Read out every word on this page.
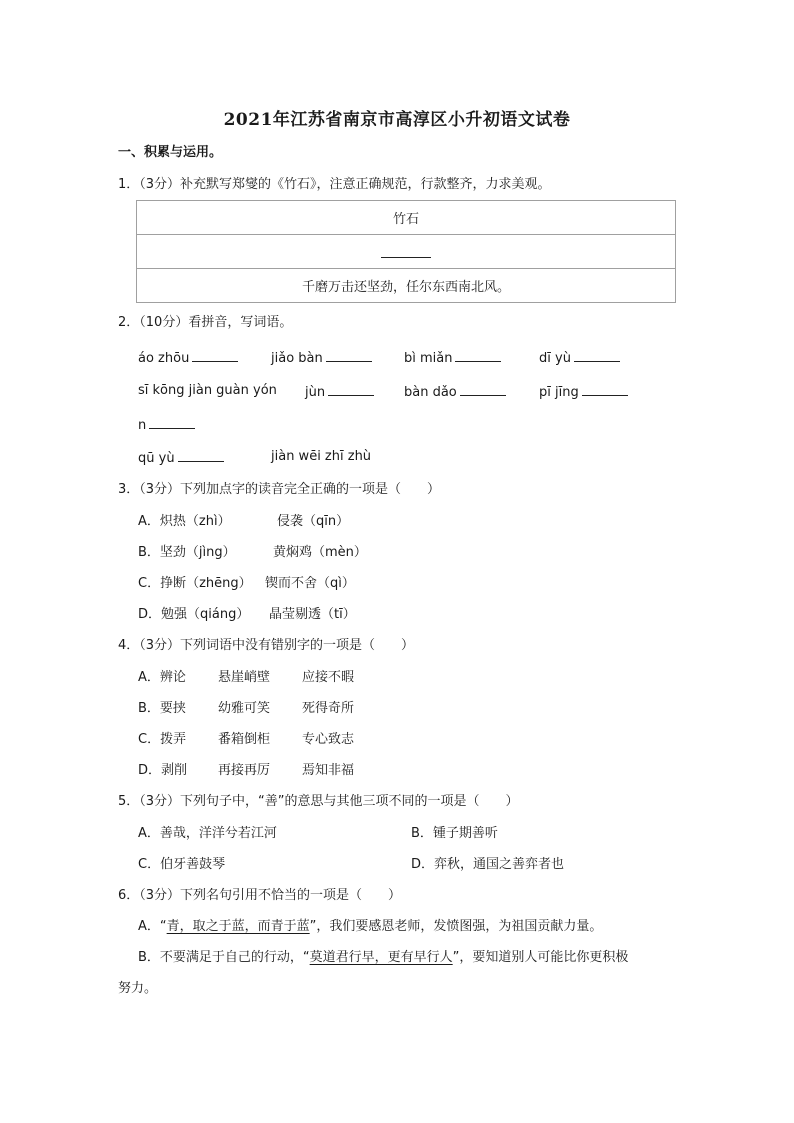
2021年江苏省南京市高淳区小升初语文试卷
一、积累与运用。
1．（3分）补充默写郑燮的《竹石》，注意正确规范，行款整齐，力求美观。
竹石

千磨万击还坚劲，任尔东西南北风。
2．（10分）看拼音，写词语。
áo zhōu	jiǎo bàn	bì miǎn	dī yù
sī kōng jiàn guàn yón jùn	bàn dǎo	pī jīng
n
qū yù	jiàn wēi zhī zhù
3．（3分）下列加点字的读音完全正确的一项是（　　）
A．炽热（zhì）	侵袭（qīn）
B．坚劲（jìng）	黄焖鸡（mèn）
C．挣断（zhēng） 锲而不舍（qì）
D．勉强（qiáng） 晶莹剔透（tī）
4．（3分）下列词语中没有错别字的一项是（　　）
A．辨论 悬崖峭壁 应接不暇
B．要挟 幼雅可笑 死得奇所
C．拨弄 番箱倒柜 专心致志
D．剥削 再接再厉 焉知非福
5．（3分）下列句子中，“善”的意思与其他三项不同的一项是（　　）
A．善哉，洋洋兮若江河	B．锺子期善听
C．伯牙善鼓琴	D．弈秋，通国之善弈者也
6．（3分）下列名句引用不恰当的一项是（　　）
A．“青，取之于蓝，而青于蓝”，我们要感恩老师，发愤图强，为祖国贡献力量。
B．不要满足于自己的行动，“莫道君行早，更有早行人”，要知道别人可能比你更积极
努力。
